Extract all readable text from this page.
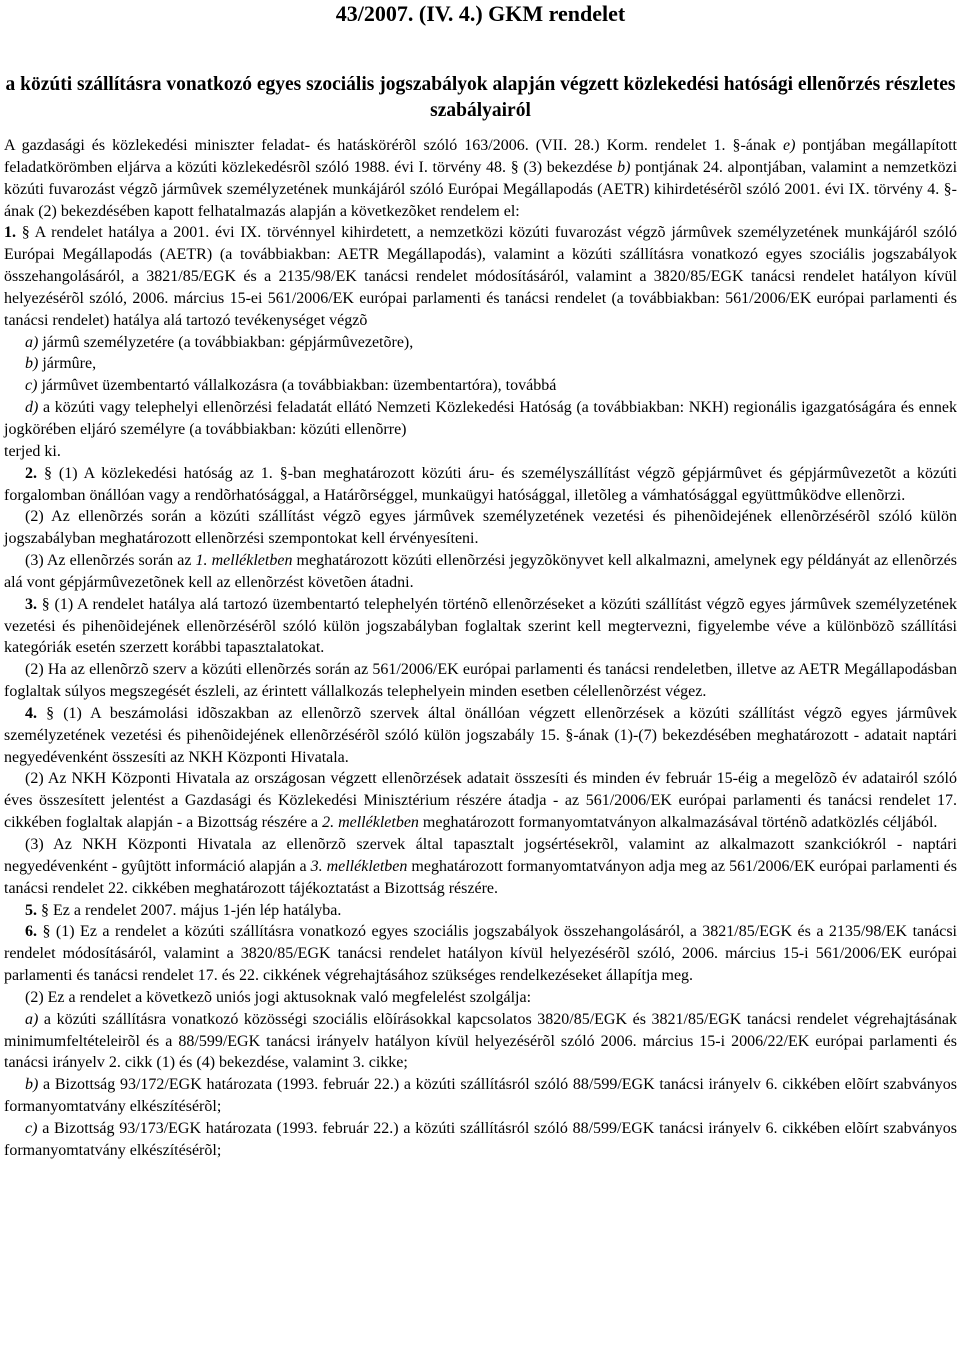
43/2007. (IV. 4.) GKM rendelet
a közúti szállításra vonatkozó egyes szociális jogszabályok alapján végzett közlekedési hatósági ellenõrzés részletes szabályairól

A gazdasági és közlekedési miniszter feladat- és hatáskörérõl szóló 163/2006. (VII. 28.) Korm. rendelet 1. §-ának e) pontjában megállapított feladatkörömben eljárva a közúti közlekedésrõl szóló 1988. évi I. törvény 48. § (3) bekezdése b) pontjának 24. alpontjában, valamint a nemzetközi közúti fuvarozást végzõ jármûvek személyzetének munkájáról szóló Európai Megállapodás (AETR) kihirdetésérõl szóló 2001. évi IX. törvény 4. §-ának (2) bekezdésében kapott felhatalmazás alapján a következõket rendelem el:

1. § A rendelet hatálya a 2001. évi IX. törvénnyel kihirdetett, a nemzetközi közúti fuvarozást végzõ jármûvek személyzetének munkájáról szóló Európai Megállapodás (AETR) (a továbbiakban: AETR Megállapodás), valamint a közúti szállításra vonatkozó egyes szociális jogszabályok összehangolásáról, a 3821/85/EGK és a 2135/98/EK tanácsi rendelet módosításáról, valamint a 3820/85/EGK tanácsi rendelet hatályon kívül helyezésérõl szóló, 2006. március 15-ei 561/2006/EK európai parlamenti és tanácsi rendelet (a továbbiakban: 561/2006/EK európai parlamenti és tanácsi rendelet) hatálya alá tartozó tevékenységet végzõ

a) jármû személyzetére (a továbbiakban: gépjármûvezetõre),

b) jármûre,

c) jármûvet üzembentartó vállalkozásra (a továbbiakban: üzembentartóra), továbbá

d) a közúti vagy telephelyi ellenõrzési feladatát ellátó Nemzeti Közlekedési Hatóság (a továbbiakban: NKH) regionális igazgatóságára és ennek jogkörében eljáró személyre (a továbbiakban: közúti ellenõrre)

terjed ki.

2. § (1) A közlekedési hatóság az 1. §-ban meghatározott közúti áru- és személyszállítást végzõ gépjármûvet és gépjármûvezetõt a közúti forgalomban önállóan vagy a rendõrhatósággal, a Határõrséggel, munkaügyi hatósággal, illetõleg a vámhatósággal együttmûködve ellenõrzi.

(2) Az ellenõrzés során a közúti szállítást végzõ egyes jármûvek személyzetének vezetési és pihenõidejének ellenõrzésérõl szóló külön jogszabályban meghatározott ellenõrzési szempontokat kell érvényesíteni.

(3) Az ellenõrzés során az 1. mellékletben meghatározott közúti ellenõrzési jegyzõkönyvet kell alkalmazni, amelynek egy példányát az ellenõrzés alá vont gépjármûvezetõnek kell az ellenõrzést követõen átadni.

3. § (1) A rendelet hatálya alá tartozó üzembentartó telephelyén történõ ellenõrzéseket a közúti szállítást végzõ egyes jármûvek személyzetének vezetési és pihenõidejének ellenõrzésérõl szóló külön jogszabályban foglaltak szerint kell megtervezni, figyelembe véve a különbözõ szállítási kategóriák esetén szerzett korábbi tapasztalatokat.

(2) Ha az ellenõrzõ szerv a közúti ellenõrzés során az 561/2006/EK európai parlamenti és tanácsi rendeletben, illetve az AETR Megállapodásban foglaltak súlyos megszegését észleli, az érintett vállalkozás telephelyein minden esetben célellenõrzést végez.

4. § (1) A beszámolási idõszakban az ellenõrzõ szervek által önállóan végzett ellenõrzések a közúti szállítást végzõ egyes jármûvek személyzetének vezetési és pihenõidejének ellenõrzésérõl szóló külön jogszabály 15. §-ának (1)-(7) bekezdésében meghatározott - adatait naptári negyedévenként összesíti az NKH Központi Hivatala.

(2) Az NKH Központi Hivatala az országosan végzett ellenõrzések adatait összesíti és minden év február 15-éig a megelõzõ év adatairól szóló éves összesített jelentést a Gazdasági és Közlekedési Minisztérium részére átadja - az 561/2006/EK európai parlamenti és tanácsi rendelet 17. cikkében foglaltak alapján - a Bizottság részére a 2. mellékletben meghatározott formanyomtatványon alkalmazásával történõ adatközlés céljából.

(3) Az NKH Központi Hivatala az ellenõrzõ szervek által tapasztalt jogsértésekrõl, valamint az alkalmazott szankciókról - naptári negyedévenként - gyûjtött információ alapján a 3. mellékletben meghatározott formanyomtatványon adja meg az 561/2006/EK európai parlamenti és tanácsi rendelet 22. cikkében meghatározott tájékoztatást a Bizottság részére.

5. § Ez a rendelet 2007. május 1-jén lép hatályba.

6. § (1) Ez a rendelet a közúti szállításra vonatkozó egyes szociális jogszabályok összehangolásáról, a 3821/85/EGK és a 2135/98/EK tanácsi rendelet módosításáról, valamint a 3820/85/EGK tanácsi rendelet hatályon kívül helyezésérõl szóló, 2006. március 15-i 561/2006/EK európai parlamenti és tanácsi rendelet 17. és 22. cikkének végrehajtásához szükséges rendelkezéseket állapítja meg.

(2) Ez a rendelet a következõ uniós jogi aktusoknak való megfelelést szolgálja:

a) a közúti szállításra vonatkozó közösségi szociális elõírásokkal kapcsolatos 3820/85/EGK és 3821/85/EGK tanácsi rendelet végrehajtásának minimumfeltételeirõl és a 88/599/EGK tanácsi irányelv hatályon kívül helyezésérõl szóló 2006. március 15-i 2006/22/EK európai parlamenti és tanácsi irányelv 2. cikk (1) és (4) bekezdése, valamint 3. cikke;

b) a Bizottság 93/172/EGK határozata (1993. február 22.) a közúti szállításról szóló 88/599/EGK tanácsi irányelv 6. cikkében elõírt szabványos formanyomtatvány elkészítésérõl;

c) a Bizottság 93/173/EGK határozata (1993. február 22.) a közúti szállításról szóló 88/599/EGK tanácsi irányelv 6. cikkében elõírt szabványos formanyomtatvány elkészítésérõl;
